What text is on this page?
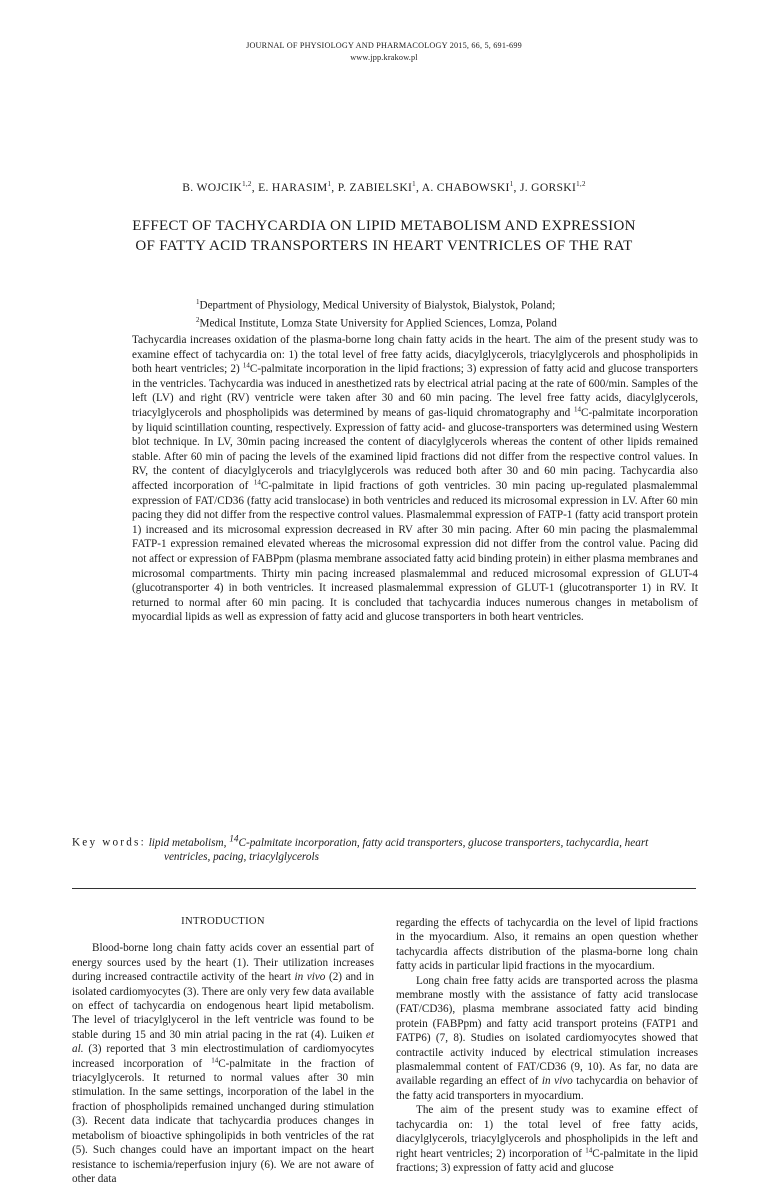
JOURNAL OF PHYSIOLOGY AND PHARMACOLOGY 2015, 66, 5, 691-699
www.jpp.krakow.pl
B. WOJCIK$^{1,2}$, E. HARASIM$^1$, P. ZABIELSKI$^1$, A. CHABOWSKI$^1$, J. GORSKI$^{1,2}$
EFFECT OF TACHYCARDIA ON LIPID METABOLISM AND EXPRESSION
OF FATTY ACID TRANSPORTERS IN HEART VENTRICLES OF THE RAT
$^1$Department of Physiology, Medical University of Bialystok, Bialystok, Poland;
$^2$Medical Institute, Lomza State University for Applied Sciences, Lomza, Poland

Tachycardia increases oxidation of the plasma-borne long chain fatty acids in the heart. The aim of the present study was to examine effect of tachycardia on: 1) the total level of free fatty acids, diacylglycerols, triacylglycerols and phospholipids in both heart ventricles; 2) $^{14}$C-palmitate incorporation in the lipid fractions; 3) expression of fatty acid and glucose transporters in the ventricles. Tachycardia was induced in anesthetized rats by electrical atrial pacing at the rate of 600/min. Samples of the left (LV) and right (RV) ventricle were taken after 30 and 60 min pacing. The level free fatty acids, diacylglycerols, triacylglycerols and phospholipids was determined by means of gas-liquid chromatography and $^{14}$C-palmitate incorporation by liquid scintillation counting, respectively. Expression of fatty acid- and glucose-transporters was determined using Western blot technique. In LV, 30min pacing increased the content of diacylglycerols whereas the content of other lipids remained stable. After 60 min of pacing the levels of the examined lipid fractions did not differ from the respective control values. In RV, the content of diacylglycerols and triacylglycerols was reduced both after 30 and 60 min pacing. Tachycardia also affected incorporation of $^{14}$C-palmitate in lipid fractions of goth ventricles. 30 min pacing up-regulated plasmalemmal expression of FAT/CD36 (fatty acid translocase) in both ventricles and reduced its microsomal expression in LV. After 60 min pacing they did not differ from the respective control values. Plasmalemmal expression of FATP-1 (fatty acid transport protein 1) increased and its microsomal expression decreased in RV after 30 min pacing. After 60 min pacing the plasmalemmal FATP-1 expression remained elevated whereas the microsomal expression did not differ from the control value. Pacing did not affect or expression of FABPpm (plasma membrane associated fatty acid binding protein) in either plasma membranes and microsomal compartments. Thirty min pacing increased plasmalemmal and reduced microsomal expression of GLUT-4 (glucotransporter 4) in both ventricles. It increased plasmalemmal expression of GLUT-1 (glucotransporter 1) in RV. It returned to normal after 60 min pacing. It is concluded that tachycardia induces numerous changes in metabolism of myocardial lipids as well as expression of fatty acid and glucose transporters in both heart ventricles.

Key words: lipid metabolism, $^{14}$C-palmitate incorporation, fatty acid transporters, glucose transporters, tachycardia, heart
ventricles, pacing, triacylglycerols
INTRODUCTION

Blood-borne long chain fatty acids cover an essential part of energy sources used by the heart (1). Their utilization increases during increased contractile activity of the heart in vivo (2) and in isolated cardiomyocytes (3). There are only very few data available on effect of tachycardia on endogenous heart lipid metabolism. The level of triacylglycerol in the left ventricle was found to be stable during 15 and 30 min atrial pacing in the rat (4). Luiken et al. (3) reported that 3 min electrostimulation of cardiomyocytes increased incorporation of $^{14}$C-palmitate in the fraction of triacylglycerols. It returned to normal values after 30 min stimulation. In the same settings, incorporation of the label in the fraction of phospholipids remained unchanged during stimulation (3). Recent data indicate that tachycardia produces changes in metabolism of bioactive sphingolipids in both ventricles of the rat (5). Such changes could have an important impact on the heart resistance to ischemia/reperfusion injury (6). We are not aware of other data

regarding the effects of tachycardia on the level of lipid fractions in the myocardium. Also, it remains an open question whether tachycardia affects distribution of the plasma-borne long chain fatty acids in particular lipid fractions in the myocardium.

Long chain free fatty acids are transported across the plasma membrane mostly with the assistance of fatty acid translocase (FAT/CD36), plasma membrane associated fatty acid binding protein (FABPpm) and fatty acid transport proteins (FATP1 and FATP6) (7, 8). Studies on isolated cardiomyocytes showed that contractile activity induced by electrical stimulation increases plasmalemmal content of FAT/CD36 (9, 10). As far, no data are available regarding an effect of in vivo tachycardia on behavior of the fatty acid transporters in myocardium.

The aim of the present study was to examine effect of tachycardia on: 1) the total level of free fatty acids, diacylglycerols, triacylglycerols and phospholipids in the left and right heart ventricles; 2) incorporation of $^{14}$C-palmitate in the lipid fractions; 3) expression of fatty acid and glucose
